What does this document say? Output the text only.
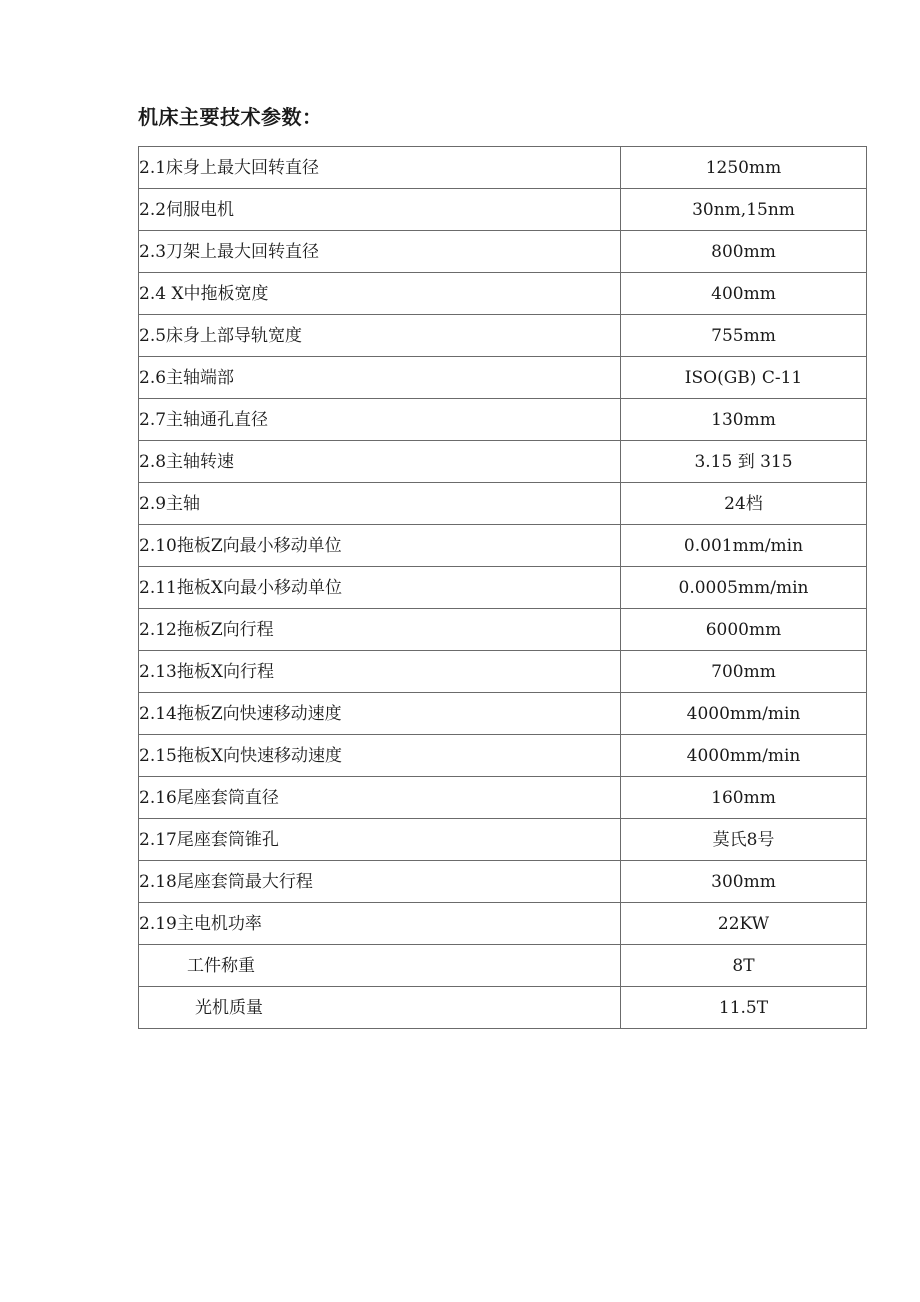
机床主要技术参数：
2.1床身上最大回转直径	1250mm
2.2伺服电机	30nm,15nm
2.3刀架上最大回转直径	800mm
2.4 X中拖板宽度	400mm
2.5床身上部导轨宽度	755mm
2.6主轴端部	ISO(GB) C-11
2.7主轴通孔直径	130mm
2.8主轴转速	3.15 到 315
2.9主轴	24档
2.10拖板Z向最小移动单位	0.001mm/min
2.11拖板X向最小移动单位	0.0005mm/min
2.12拖板Z向行程	6000mm
2.13拖板X向行程	700mm
2.14拖板Z向快速移动速度	4000mm/min
2.15拖板X向快速移动速度	4000mm/min
2.16尾座套筒直径	160mm
2.17尾座套筒锥孔	莫氏8号
2.18尾座套筒最大行程	300mm
2.19主电机功率	22KW
工件称重	8T
光机质量	11.5T
